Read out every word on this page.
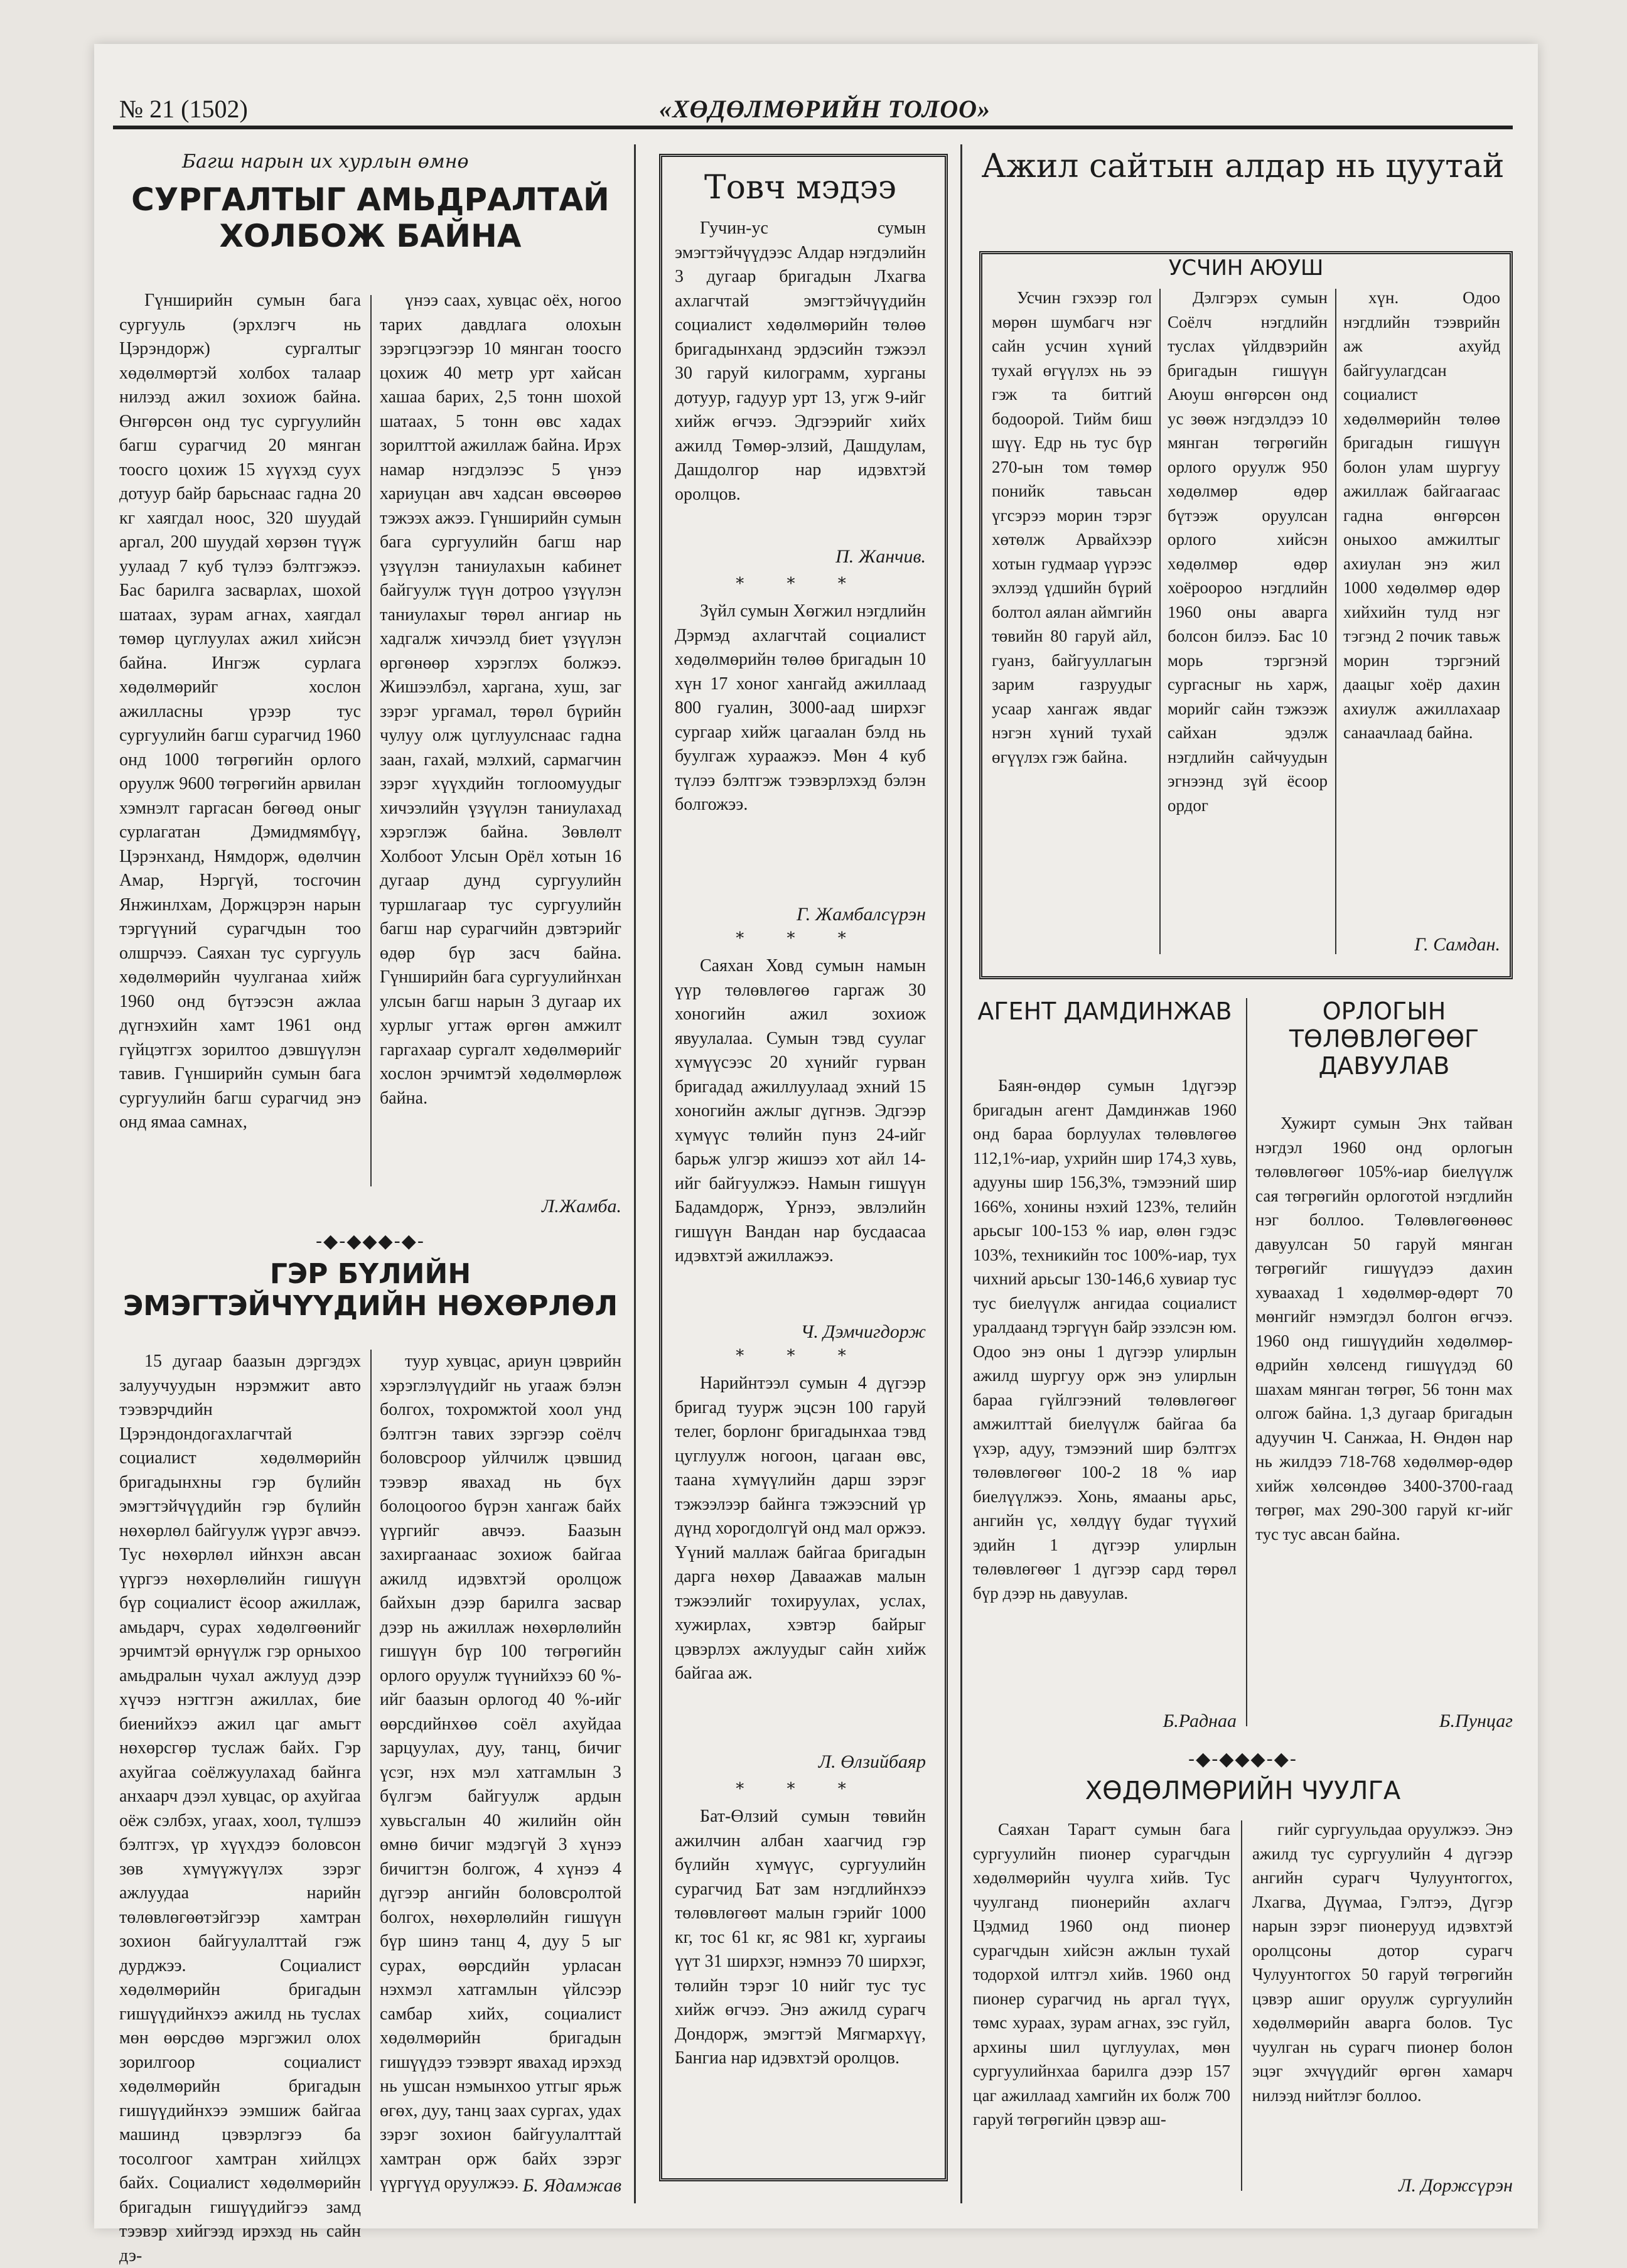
№ 21 (1502)	«ХӨДӨЛМӨРИЙН ТОЛОО»
Багш нарын их хурлын өмнө
СУРГАЛТЫГ АМЬДРАЛТАЙ ХОЛБОЖ БАЙНА

Гүнширийн сумын бага сургууль (эрхлэгч нь Цэрэндорж) сургалтыг хөдөлмөртэй холбох талаар нилээд ажил зохиож байна. Өнгөрсөн онд тус сургуулийн багш сурагчид 20 мянган тоосго цохиж 15 хүүхэд суух дотуур байр барьснаас гадна 20 кг хаягдал ноос, 320 шуудай аргал, 200 шуудай хөрзөн түүж уулаад 7 куб түлээ бэлтгэжээ. Бас барилга засварлах, шохой шатаах, зурам агнах, хаягдал төмөр цуглуулах ажил хийсэн байна. Ингэж сурлага хөдөлмөрийг хослон ажилласны үрээр тус сургуулийн багш сурагчид 1960 онд 1000 төгрөгийн орлого оруулж 9600 төгрөгийн арвилан хэмнэлт гаргасан бөгөөд оныг сурлагатан Дэмидмямбүү, Цэрэнханд, Нямдорж, өдөлчин Амар, Нэргүй, тосгочин Янжинлхам, Доржцэрэн нарын тэргүүний сурагчдын тоо олшрчээ. Саяхан тус сургууль хөдөлмөрийн чуулганаа хийж 1960 онд бүтээсэн ажлаа дүгнэхийн хамт 1961 онд гүйцэтгэх зорилтоо дэвшүүлэн тавив. Гүнширийн сумын бага сургуулийн багш сурагчид энэ онд ямаа самнах,

үнээ саах, хувцас оёх, ногоо тарих давдлага олохын зэрэгцээгээр 10 мянган тоосго цохиж 40 метр урт хайсан хашаа барих, 2,5 тонн шохой шатаах, 5 тонн өвс хадах зорилттой ажиллаж байна. Ирэх намар нэгдэлээс 5 үнээ хариуцан авч хадсан өвсөөрөө тэжээх ажээ. Гүнширийн сумын бага сургуулийн багш нар үзүүлэн таниулахын кабинет байгуулж түүн дотроо үзүүлэн таниулахыг төрөл ангиар нь хадгалж хичээлд биет үзүүлэн өргөнөөр хэрэглэх болжээ. Жишээлбэл, харгана, хуш, заг зэрэг ургамал, төрөл бүрийн чулуу олж цуглуулснаас гадна заан, гахай, мэлхий, сармагчин зэрэг хүүхдийн тоглоомуудыг хичээлийн үзүүлэн таниулахад хэрэглэж байна. Зөвлөлт Холбоот Улсын Орёл хотын 16 дугаар дунд сургуулийн туршлагаар тус сургуулийн багш нар сурагчийн дэвтэрийг өдөр бүр засч байна. Гүнширийн бага сургуулийнхан улсын багш нарын 3 дугаар их хурлыг угтаж өргөн амжилт гаргахаар сургалт хөдөлмөрийг хослон эрчимтэй хөдөлмөрлөж байна.

Л.Жамба.
-◆-◆◆◆-◆-
ГЭР БҮЛИЙН ЭМЭГТЭЙЧҮҮДИЙН НӨХӨРЛӨЛ

15 дугаар баазын дэргэдэх залуучуудын нэрэмжит авто тээвэрчдийн Цэрэндондогахлагчтай социалист хөдөлмөрийн бригадынхны гэр бүлийн эмэгтэйчүүдийн гэр бүлийн нөхөрлөл байгуулж үүрэг авчээ. Тус нөхөрлөл ийнхэн авсан үүргээ нөхөрлөлийн гишүүн бүр социалист ёсоор ажиллаж, амьдарч, сурах хөдөлгөөнийг эрчимтэй өрнүүлж гэр орныхоо амьдралын чухал ажлууд дээр хүчээ нэгтгэн ажиллах, бие биенийхээ ажил цаг амьгт нөхөрсгөр туслаж байх. Гэр ахуйгаа соёлжуулахад байнга анхаарч дээл хувцас, ор ахуйгаа оёж сэлбэх, угаах, хоол, түлшээ бэлтгэх, үр хүүхдээ боловсон зөв хүмүүжүүлэх зэрэг ажлуудаа нарийн төлөвлөгөөтэйгээр хамтран зохион байгуулалттай гэж дурджээ. Социалист хөдөлмөрийн бригадын гишүүдийнхээ ажилд нь туслах мөн өөрсдөө мэргэжил олох зорилгоор социалист хөдөлмөрийн бригадын гишүүдийнхээ ээмшиж байгаа машинд цэвэрлэгээ ба тосолгоог хамтран хийлцэх байх. Социалист хөдөлмөрийн бригадын гишүүдийгээ замд тээвэр хийгээд ирэхэд нь сайн дэ-

туур хувцас, ариун цэврийн хэрэглэлүүдийг нь угааж бэлэн болгох, тохромжтой хоол унд бэлтгэн тавих зэргээр соёлч боловсроор уйлчилж цэвшид тээвэр явахад нь бүх болоцоогоо бүрэн хангаж байх үүргийг авчээ. Баазын захиргаанаас зохиож байгаа ажилд идэвхтэй оролцож байхын дээр барилга засвар дээр нь ажиллаж нөхөрлөлийн гишүүн бүр 100 төгрөгийн орлого оруулж түүнийхээ 60 %-ийг баазын орлогод 40 %-ийг өөрсдийнхөө соёл ахуйдаа зарцуулах, дуу, танц, бичиг үсэг, нэх мэл хатгамлын 3 бүлгэм байгуулж ардын хувьсгалын 40 жилийн ойн өмнө бичиг мэдэгүй 3 хүнээ бичигтэн болгож, 4 хүнээ 4 дүгээр ангийн боловсролтой болгох, нөхөрлөлийн гишүүн бүр шинэ танц 4, дуу 5 ыг сурах, өөрсдийн урласан нэхмэл хатгамлын үйлсээр самбар хийх, социалист хөдөлмөрийн бригадын гишүүдээ тээвэрт явахад ирэхэд нь ушсан нэмынхоо утгыг ярьж өгөх, дуу, танц заах сургах, удах зэрэг зохион байгуулалттай хамтран орж байх зэрэг үүргүүд оруулжээ. Б. Ядамжав
Товч мэдээ

Гучин-ус сумын эмэгтэйчүүдээс Алдар нэгдэлийн 3 дугаар бригадын Лхагва ахлагчтай эмэгтэйчүүдийн социалист хөдөлмөрийн төлөө бригадынханд эрдэсийн тэжээл 30 гаруй килограмм, хурганы дотуур, гадуур урт 13, угж 9-ийг хийж өгчээ. Эдгээрийг хийх ажилд Төмөр-элзий, Дашдулам, Дашдолгор нар идэвхтэй оролцов.

П. Жанчив.
* * *

Зүйл сумын Хөгжил нэгдлийн Дэрмэд ахлагчтай социалист хөдөлмөрийн төлөө бригадын 10 хүн 17 хоног хангайд ажиллаад 800 гуалин, 3000-аад ширхэг сургаар хийж цагаалан бэлд нь буулгаж хураажээ. Мөн 4 куб түлээ бэлтгэж тээвэрлэхэд бэлэн болгожээ.

Г. Жамбалсүрэн
* * *

Саяхан Ховд сумын намын үүр төлөвлөгөө гаргаж 30 хоногийн ажил зохиож явуулалаа. Сумын тэвд суулаг хүмүүсээс 20 хүнийг гурван бригадад ажиллуулаад эхний 15 хоногийн ажлыг дүгнэв. Эдгээр хүмүүс төлийн пунз 24-ийг барьж улгэр жишээ хот айл 14-ийг байгуулжээ. Намын гишүүн Бадамдорж, Үрнээ, эвлэлийн гишүүн Вандан нар бусдаасаа идэвхтэй ажиллажээ.

Ч. Дэмчигдорж
* * *

Нарийнтээл сумын 4 дүгээр бригад туурж эцсэн 100 гаруй телег, борлонг бригадынхаа тэвд цуглуулж ногоон, цагаан өвс, таана хүмүүлийн дарш зэрэг тэжээлээр байнга тэжээсний үр дүнд хорогдолгүй онд мал оржээ. Үүний маллаж байгаа бригадын дарга нөхөр Даваажав малын тэжээлийг тохируулах, услах, хужирлах, хэвтэр байрыг цэвэрлэх ажлуудыг сайн хийж байгаа аж.

Л. Өлзийбаяр
* * *

Бат-Өлзий сумын төвийн ажилчин албан хаагчид гэр бүлийн хүмүүс, сургуулийн сурагчид Бат зам нэгдлийнхээ төлөвлөгөөт малын гэрийг 1000 кг, тос 61 кг, яс 981 кг, хургаиы үүт 31 ширхэг, нэмнээ 70 ширхэг, төлийн тэрэг 10 нийг тус тус хийж өгчээ. Энэ ажилд сурагч Дондорж, эмэгтэй Мягмархүү, Бангиа нар идэвхтэй оролцов.

Ажил сайтын алдар нь цуутай
УСЧИН АЮУШ

Усчин гэхээр гол мөрөн шумбагч нэг сайн усчин хүний тухай өгүүлэх нь ээ гэж та битгий бодоорой. Тийм биш шүү. Едр нь тус бүр 270-ын том төмөр понийк тавьсан үгсэрээ морин тэрэг хөтөлж Арвайхээр хотын гудмаар үүрээс эхлээд үдшийн бүрий болтол аялан аймгийн төвийн 80 гаруй айл, гуанз, байгууллагын зарим газруудыг усаар хангаж явдаг нэгэн хүний тухай өгүүлэх гэж байна.

Дэлгэрэх сумын Соёлч нэгдлийн туслах үйлдвэрийн бригадын гишүүн Аюуш өнгөрсөн онд ус зөөж нэгдэлдээ 10 мянган төгрөгийн орлого оруулж 950 хөдөлмөр өдөр бүтээж оруулсан орлого хийсэн хөдөлмөр өдөр хоёроороо нэгдлийн 1960 оны аварга болсон билээ. Бас 10 морь тэргэнэй сургасныг нь харж, морийг сайн тэжээж сайхан эдэлж нэгдлийн сайчуудын эгнээнд зүй ёсоор ордог

хүн. Одоо нэгдлийн тээврийн аж ахуйд байгуулагдсан социалист хөдөлмөрийн төлөө бригадын гишүүн болон улам шургуу ажиллаж байгаагаас гадна өнгөрсөн оныхоо амжилтыг ахиулан энэ жил 1000 хөдөлмөр өдөр хийхийн тулд нэг тэгэнд 2 почик тавьж морин тэргэний даацыг хоёр дахин ахиулж ажиллахаар санаачлаад байна.

Г. Самдан.
АГЕНТ ДАМДИНЖАВ

Баян-өндөр сумын 1дүгээр бригадын агент Дамдинжав 1960 онд бараа борлуулах төлөвлөгөө 112,1%-иар, ухрийн шир 174,3 хувь, адууны шир 156,3%, тэмээний шир 166%, хонины нэхий 123%, телийн арьсыг 100-153 % иар, өлөн гэдэс 103%, техникийн тос 100%-иар, тух чихний арьсыг 130-146,6 хувиар тус тус биелүүлж ангидаа социалист уралдаанд тэргүүн байр эзэлсэн юм. Одоо энэ оны 1 дүгээр улирлын ажилд шургуу орж энэ улирлын бараа гүйлгээний төлөвлөгөөг амжилттай биелүүлж байгаа ба үхэр, адуу, тэмээний шир бэлтгэх төлөвлөгөөг 100-2 18 % иар биелүүлжээ. Хонь, ямааны арьс, ангийн үс, хөлдүү будаг түүхий эдийн 1 дүгээр улирлын төлөвлөгөөг 1 дүгээр сард төрөл бүр дээр нь давуулав.

Б.Раднаа
ОРЛОГЫН ТӨЛӨВЛӨГӨӨГ ДАВУУЛАВ

Хужирт сумын Энх тайван нэгдэл 1960 онд орлогын төлөвлөгөөг 105%-иар биелүүлж сая төгрөгийн орлоготой нэгдлийн нэг боллоо. Төлөвлөгөөнөөс давуулсан 50 гаруй мянган төгрөгийг гишүүдээ дахин хуваахад 1 хөдөлмөр-өдөрт 70 мөнгийг нэмэгдэл болгон өгчээ. 1960 онд гишүүдийн хөдөлмөр-өдрийн хөлсенд гишүүдэд 60 шахам мянган төгрөг, 56 тонн мах олгож байна. 1,3 дугаар бригадын адуучин Ч. Санжаа, Н. Өндөн нар нь жилдээ 718-768 хөдөлмөр-өдөр хийж хөлсөндөө 3400-3700-гаад төгрөг, мах 290-300 гаруй кг-ийг тус тус авсан байна.

Б.Пунцаг
-◆-◆◆◆-◆-
ХӨДӨЛМӨРИЙН ЧУУЛГА

Саяхан Тарагт сумын бага сургуулийн пионер сурагчдын хөдөлмөрийн чуулга хийв. Тус чуулганд пионерийн ахлагч Цэдмид 1960 онд пионер сурагчдын хийсэн ажлын тухай тодорхой илтгэл хийв. 1960 онд пионер сурагчид нь аргал түүх, төмс хураах, зурам агнах, зэс гуйл, архины шил цуглуулах, мөн сургуулийнхаа барилга дээр 157 цаг ажиллаад хамгийн их болж 700 гаруй төгрөгийн цэвэр аш-

гийг сургуульдаа оруулжээ. Энэ ажилд тус сургуулийн 4 дүгээр ангийн сурагч Чулуунтоггох, Лхагва, Дүүмаа, Гэлтээ, Дүгэр нарын зэрэг пионерууд идэвхтэй оролцсоны дотор сурагч Чулуунтоггох 50 гаруй төгрөгийн цэвэр ашиг оруулж сургуулийн хөдөлмөрийн аварга болов. Тус чуулган нь сурагч пионер болон эцэг эхчүүдийг өргөн хамарч нилээд нийтлэг боллоо.

Л. Доржсүрэн
